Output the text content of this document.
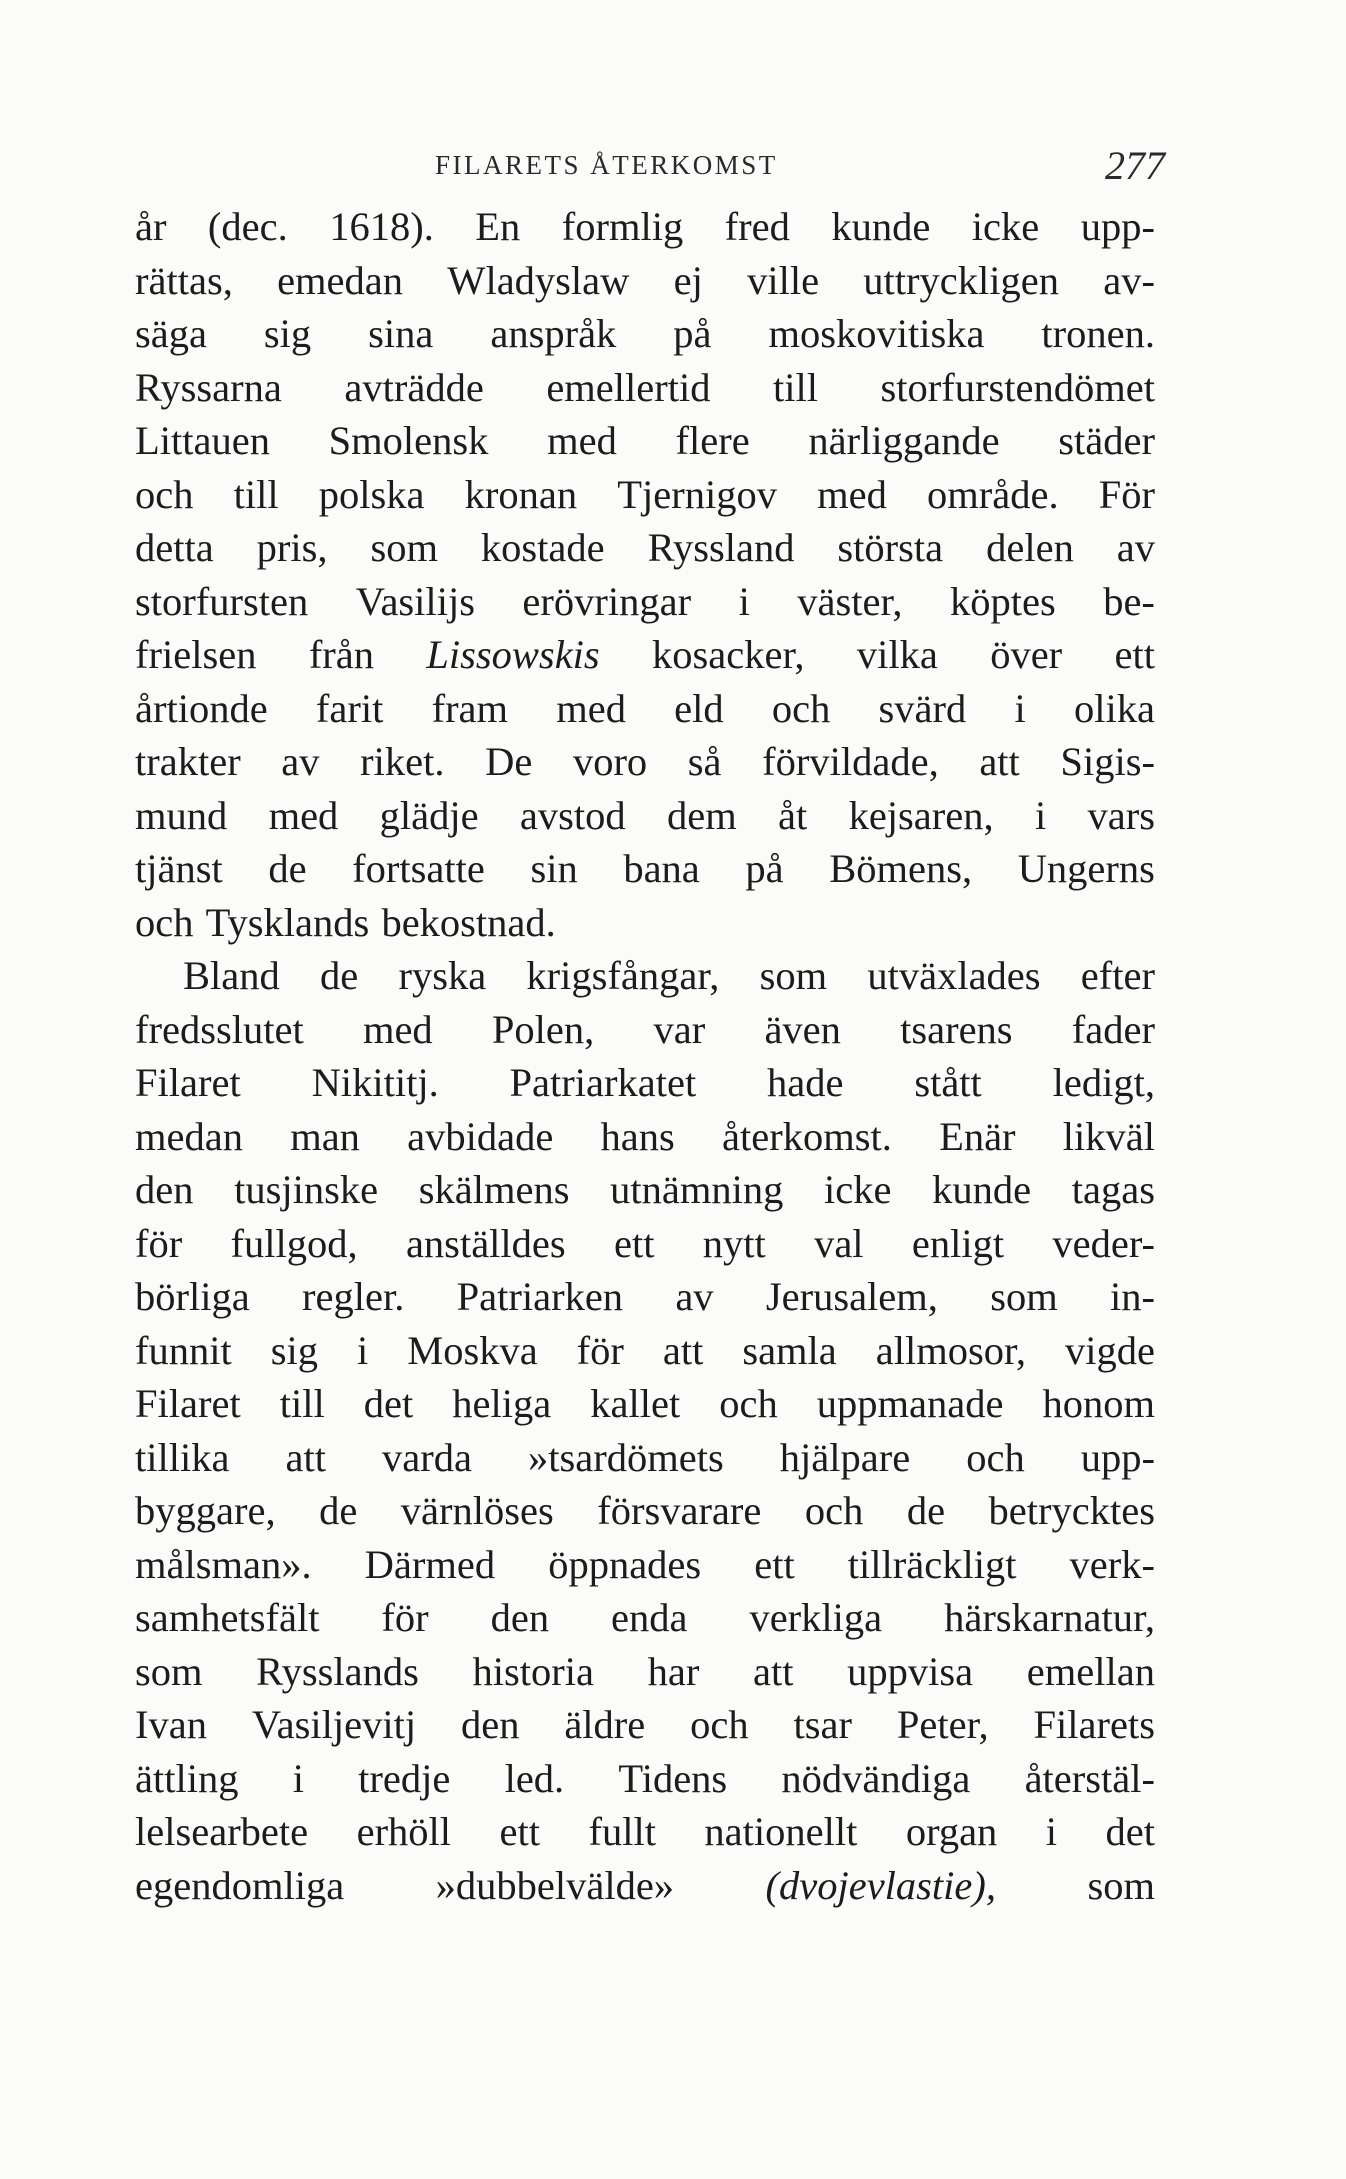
FILARETS ÅTERKOMST	277
år (dec. 1618). En formlig fred kunde icke upp-
rättas, emedan Wladyslaw ej ville uttryckligen av-
säga sig sina anspråk på moskovitiska tronen.
Ryssarna avträdde emellertid till storfurstendömet
Littauen Smolensk med flere närliggande städer
och till polska kronan Tjernigov med område. För
detta pris, som kostade Ryssland största delen av
storfursten Vasilijs erövringar i väster, köptes be-
frielsen från Lissowskis kosacker, vilka över ett
årtionde farit fram med eld och svärd i olika
trakter av riket. De voro så förvildade, att Sigis-
mund med glädje avstod dem åt kejsaren, i vars
tjänst de fortsatte sin bana på Bömens, Ungerns
och Tysklands bekostnad.
Bland de ryska krigsfångar, som utväxlades efter
fredsslutet med Polen, var även tsarens fader
Filaret Nikititj. Patriarkatet hade stått ledigt,
medan man avbidade hans återkomst. Enär likväl
den tusjinske skälmens utnämning icke kunde tagas
för fullgod, anställdes ett nytt val enligt veder-
börliga regler. Patriarken av Jerusalem, som in-
funnit sig i Moskva för att samla allmosor, vigde
Filaret till det heliga kallet och uppmanade honom
tillika att varda »tsardömets hjälpare och upp-
byggare, de värnlöses försvarare och de betrycktes
målsman». Därmed öppnades ett tillräckligt verk-
samhetsfält för den enda verkliga härskarnatur,
som Rysslands historia har att uppvisa emellan
Ivan Vasiljevitj den äldre och tsar Peter, Filarets
ättling i tredje led. Tidens nödvändiga återstäl-
lelsearbete erhöll ett fullt nationellt organ i det
egendomliga »dubbelvälde» (dvojevlastie), som
